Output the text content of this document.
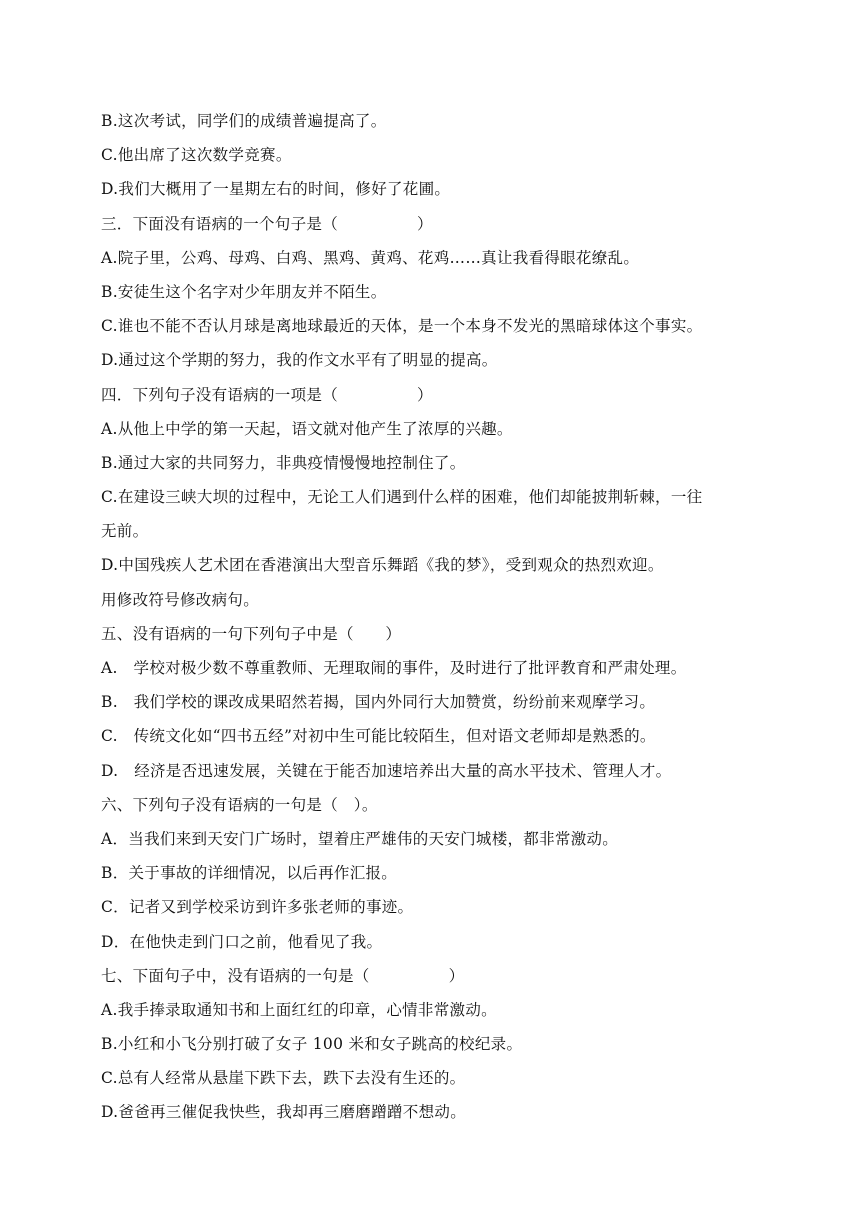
B.这次考试，同学们的成绩普遍提高了。
C.他出席了这次数学竞赛。
D.我们大概用了一星期左右的时间，修好了花圃。
三．下面没有语病的一个句子是（　　　　　）
A.院子里，公鸡、母鸡、白鸡、黑鸡、黄鸡、花鸡……真让我看得眼花缭乱。
B.安徒生这个名字对少年朋友并不陌生。
C.谁也不能不否认月球是离地球最近的天体，是一个本身不发光的黑暗球体这个事实。
D.通过这个学期的努力，我的作文水平有了明显的提高。
四．下列句子没有语病的一项是（　　　　　）
A.从他上中学的第一天起，语文就对他产生了浓厚的兴趣。
B.通过大家的共同努力，非典疫情慢慢地控制住了。
C.在建设三峡大坝的过程中，无论工人们遇到什么样的困难，他们却能披荆斩棘，一往
无前。
D.中国残疾人艺术团在香港演出大型音乐舞蹈《我的梦》，受到观众的热烈欢迎。
用修改符号修改病句。
五、没有语病的一句下列句子中是（　　）
A.　学校对极少数不尊重教师、无理取闹的事件，及时进行了批评教育和严肃处理。
B.　我们学校的课改成果昭然若揭，国内外同行大加赞赏，纷纷前来观摩学习。
C.　传统文化如“四书五经”对初中生可能比较陌生，但对语文老师却是熟悉的。
D.　经济是否迅速发展，关键在于能否加速培养出大量的高水平技术、管理人才。
六、下列句子没有语病的一句是（　）。
A．当我们来到天安门广场时，望着庄严雄伟的天安门城楼，都非常激动。
B．关于事故的详细情况，以后再作汇报。
C．记者又到学校采访到许多张老师的事迹。
D．在他快走到门口之前，他看见了我。
七、下面句子中，没有语病的一句是（　　　　　）
A.我手捧录取通知书和上面红红的印章，心情非常激动。
B.小红和小飞分别打破了女子 100 米和女子跳高的校纪录。
C.总有人经常从悬崖下跌下去，跌下去没有生还的。
D.爸爸再三催促我快些，我却再三磨磨蹭蹭不想动。
